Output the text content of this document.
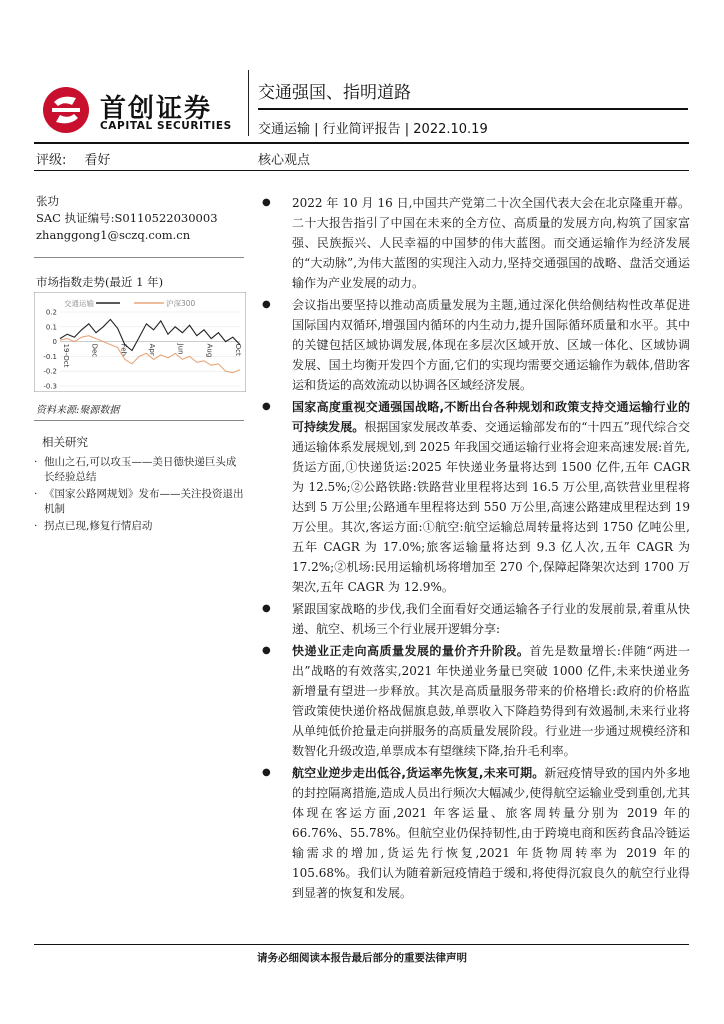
首创证券
CAPITAL SECURITIES
交通强国、指明道路
交通运输 | 行业简评报告 | 2022.10.19
评级: 看好	核心观点
张功
SAC 执证编号:S0110522030003
zhanggong1@sczq.com.cn
市场指数走势(最近 1 年)
0.2
0.1
0
-0.1
-0.2
-0.3
19-Oct	Dec	Feb	Apr	Jun	Aug	Oct
交通运输	沪深300
资料来源:聚源数据
相关研究
· 他山之石,可以攻玉——美日德快递巨头成长经验总结
· 《国家公路网规划》发布——关注投资退出机制
· 拐点已现,修复行情启动
● 2022 年 10 月 16 日,中国共产党第二十次全国代表大会在北京隆重开幕。二十大报告指引了中国在未来的全方位、高质量的发展方向,构筑了国家富强、民族振兴、人民幸福的中国梦的伟大蓝图。而交通运输作为经济发展的“大动脉”,为伟大蓝图的实现注入动力,坚持交通强国的战略、盘活交通运输作为产业发展的动力。
● 会议指出要坚持以推动高质量发展为主题,通过深化供给侧结构性改革促进国际国内双循环,增强国内循环的内生动力,提升国际循环质量和水平。其中的关键包括区域协调发展,体现在多层次区域开放、区域一体化、区域协调发展、国土均衡开发四个方面,它们的实现均需要交通运输作为载体,借助客运和货运的高效流动以协调各区域经济发展。
● 国家高度重视交通强国战略,不断出台各种规划和政策支持交通运输行业的可持续发展。根据国家发展改革委、交通运输部发布的“十四五”现代综合交通运输体系发展规划,到 2025 年我国交通运输行业将会迎来高速发展:首先,货运方面,①快递货运:2025 年快递业务量将达到 1500 亿件,五年 CAGR 为 12.5%;②公路铁路:铁路营业里程将达到 16.5 万公里,高铁营业里程将达到 5 万公里;公路通车里程将达到 550 万公里,高速公路建成里程达到 19 万公里。其次,客运方面:①航空:航空运输总周转量将达到 1750 亿吨公里,五年 CAGR 为 17.0%;旅客运输量将达到 9.3 亿人次,五年 CAGR 为 17.2%;②机场:民用运输机场将增加至 270 个,保障起降架次达到 1700 万架次,五年 CAGR 为 12.9%。
● 紧跟国家战略的步伐,我们全面看好交通运输各子行业的发展前景,着重从快递、航空、机场三个行业展开逻辑分享:
● 快递业正走向高质量发展的量价齐升阶段。首先是数量增长:伴随“两进一出”战略的有效落实,2021 年快递业务量已突破 1000 亿件,未来快递业务新增量有望进一步释放。其次是高质量服务带来的价格增长:政府的价格监管政策使快递价格战倔旗息鼓,单票收入下降趋势得到有效遏制,未来行业将从单纯低价抢量走向拼服务的高质量发展阶段。行业进一步通过规模经济和数智化升级改造,单票成本有望继续下降,抬升毛利率。
● 航空业逆步走出低谷,货运率先恢复,未来可期。新冠疫情导致的国内外多地的封控隔离措施,造成人员出行频次大幅减少,使得航空运输业受到重创,尤其体现在客运方面,2021 年客运量、旅客周转量分别为 2019 年的 66.76%、55.78%。但航空业仍保持韧性,由于跨境电商和医药食品冷链运输需求的增加,货运先行恢复,2021 年货物周转率为 2019 年的 105.68%。我们认为随着新冠疫情趋于缓和,将使得沉寂良久的航空行业得到显著的恢复和发展。
请务必细阅读本报告最后部分的重要法律声明
